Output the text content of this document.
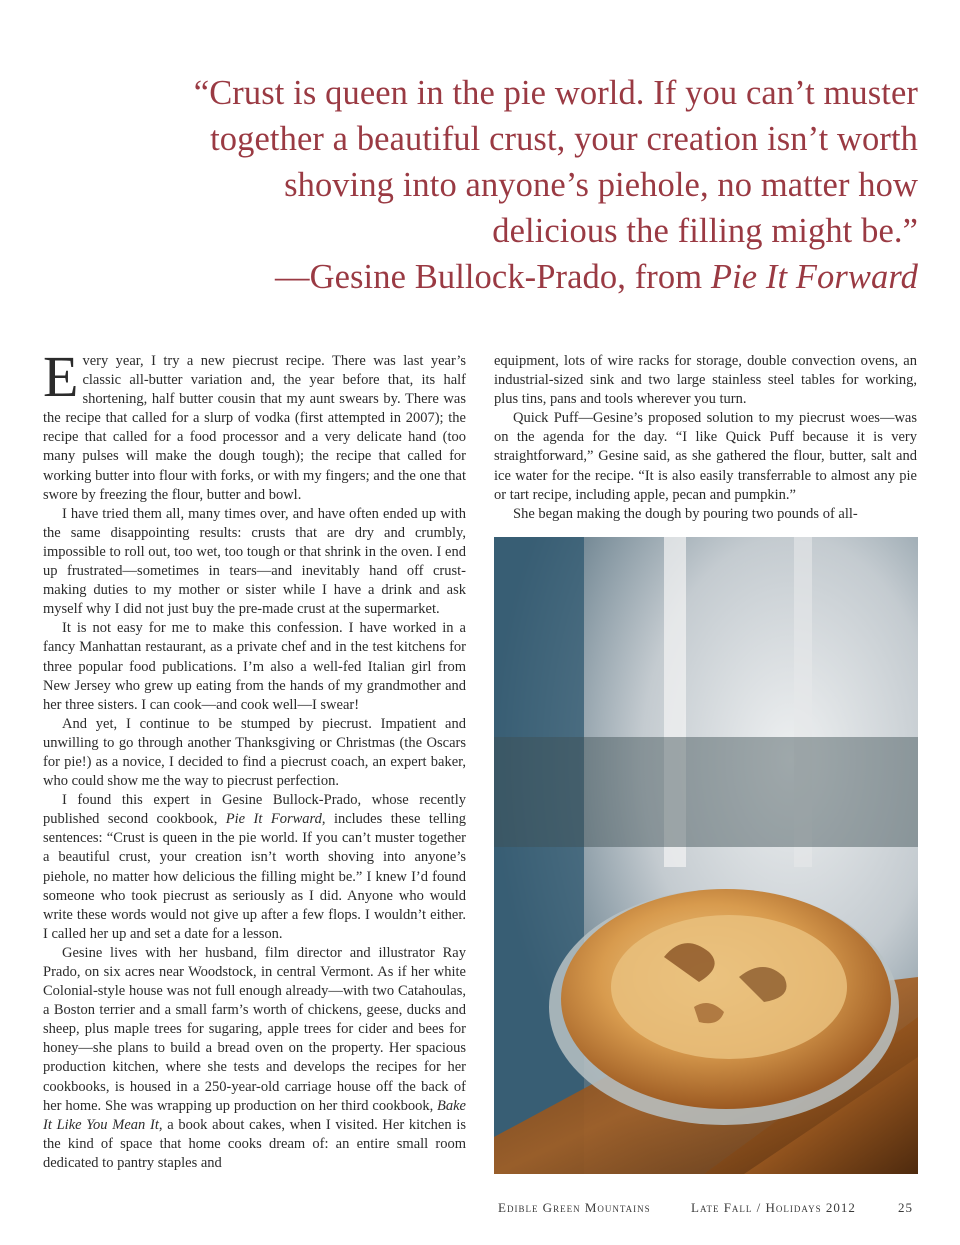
“Crust is queen in the pie world. If you can’t muster
together a beautiful crust, your creation isn’t worth
shoving into anyone’s piehole, no matter how
delicious the filling might be.”
—Gesine Bullock-Prado, from Pie It Forward

Every year, I try a new piecrust recipe. There was last year’s classic all-butter variation and, the year before that, its half shortening, half butter cousin that my aunt swears by. There was the recipe that called for a slurp of vodka (first attempted in 2007); the recipe that called for a food processor and a very delicate hand (too many pulses will make the dough tough); the recipe that called for working butter into flour with forks, or with my fingers; and the one that swore by freezing the flour, butter and bowl.

I have tried them all, many times over, and have often ended up with the same disappointing results: crusts that are dry and crumbly, impossible to roll out, too wet, too tough or that shrink in the oven. I end up frustrated—sometimes in tears—and inevitably hand off crust-making duties to my mother or sister while I have a drink and ask myself why I did not just buy the pre-made crust at the supermarket.

It is not easy for me to make this confession. I have worked in a fancy Manhattan restaurant, as a private chef and in the test kitchens for three popular food publications. I’m also a well-fed Italian girl from New Jersey who grew up eating from the hands of my grandmother and her three sisters. I can cook—and cook well—I swear!

And yet, I continue to be stumped by piecrust. Impatient and unwilling to go through another Thanksgiving or Christmas (the Oscars for pie!) as a novice, I decided to find a piecrust coach, an expert baker, who could show me the way to piecrust perfection.

I found this expert in Gesine Bullock-Prado, whose recently published second cookbook, Pie It Forward, includes these telling sentences: “Crust is queen in the pie world. If you can’t muster together a beautiful crust, your creation isn’t worth shoving into anyone’s piehole, no matter how delicious the filling might be.” I knew I’d found someone who took piecrust as seriously as I did. Anyone who would write these words would not give up after a few flops. I wouldn’t either. I called her up and set a date for a lesson.

Gesine lives with her husband, film director and illustrator Ray Prado, on six acres near Woodstock, in central Vermont. As if her white Colonial-style house was not full enough already—with two Catahoulas, a Boston terrier and a small farm’s worth of chickens, geese, ducks and sheep, plus maple trees for sugaring, apple trees for cider and bees for honey—she plans to build a bread oven on the property. Her spacious production kitchen, where she tests and develops the recipes for her cookbooks, is housed in a 250-year-old carriage house off the back of her home. She was wrapping up production on her third cookbook, Bake It Like You Mean It, a book about cakes, when I visited. Her kitchen is the kind of space that home cooks dream of: an entire small room dedicated to pantry staples and

equipment, lots of wire racks for storage, double convection ovens, an industrial-sized sink and two large stainless steel tables for working, plus tins, pans and tools wherever you turn.

Quick Puff—Gesine’s proposed solution to my piecrust woes—was on the agenda for the day. “I like Quick Puff because it is very straightforward,” Gesine said, as she gathered the flour, butter, salt and ice water for the recipe. “It is also easily transferrable to almost any pie or tart recipe, including apple, pecan and pumpkin.”

She began making the dough by pouring two pounds of all-

Edible Green Mountains	Late Fall / Holidays 2012	25
